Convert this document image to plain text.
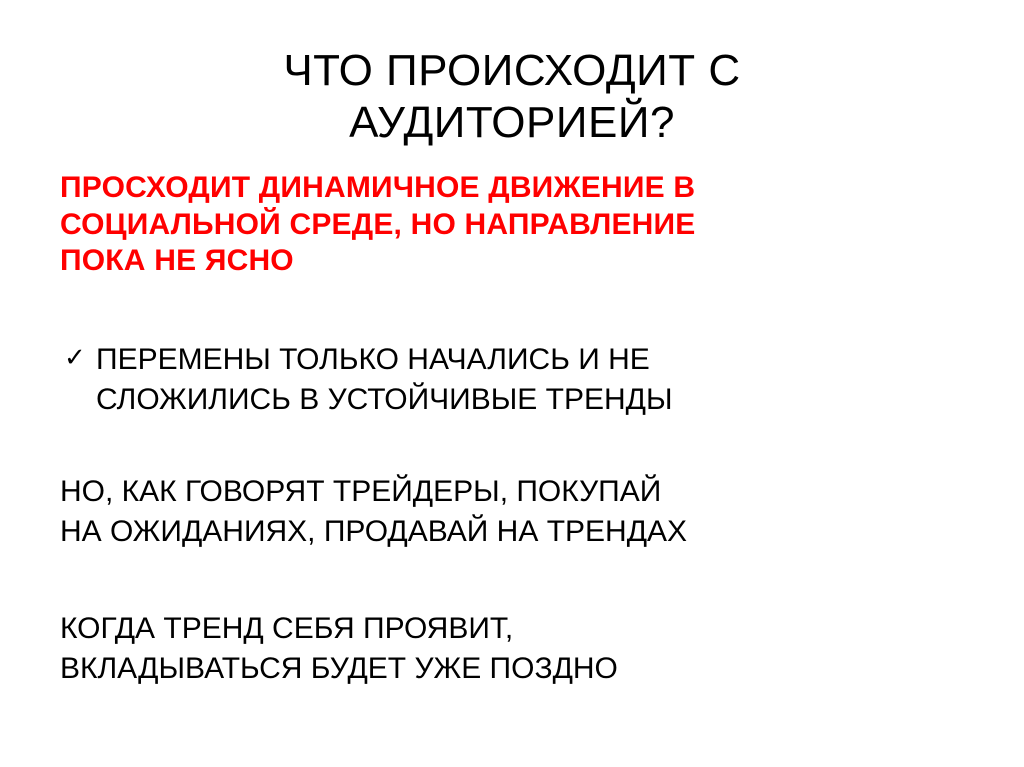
ЧТО ПРОИСХОДИТ С
АУДИТОРИЕЙ?
ПРОСХОДИТ ДИНАМИЧНОЕ ДВИЖЕНИЕ В
СОЦИАЛЬНОЙ СРЕДЕ, НО НАПРАВЛЕНИЕ
ПОКА НЕ ЯСНО
✓ ПЕРЕМЕНЫ ТОЛЬКО НАЧАЛИСЬ И НЕ
СЛОЖИЛИСЬ В УСТОЙЧИВЫЕ ТРЕНДЫ
НО, КАК ГОВОРЯТ ТРЕЙДЕРЫ, ПОКУПАЙ
НА ОЖИДАНИЯХ, ПРОДАВАЙ НА ТРЕНДАХ
КОГДА ТРЕНД СЕБЯ ПРОЯВИТ,
ВКЛАДЫВАТЬСЯ БУДЕТ УЖЕ ПОЗДНО
